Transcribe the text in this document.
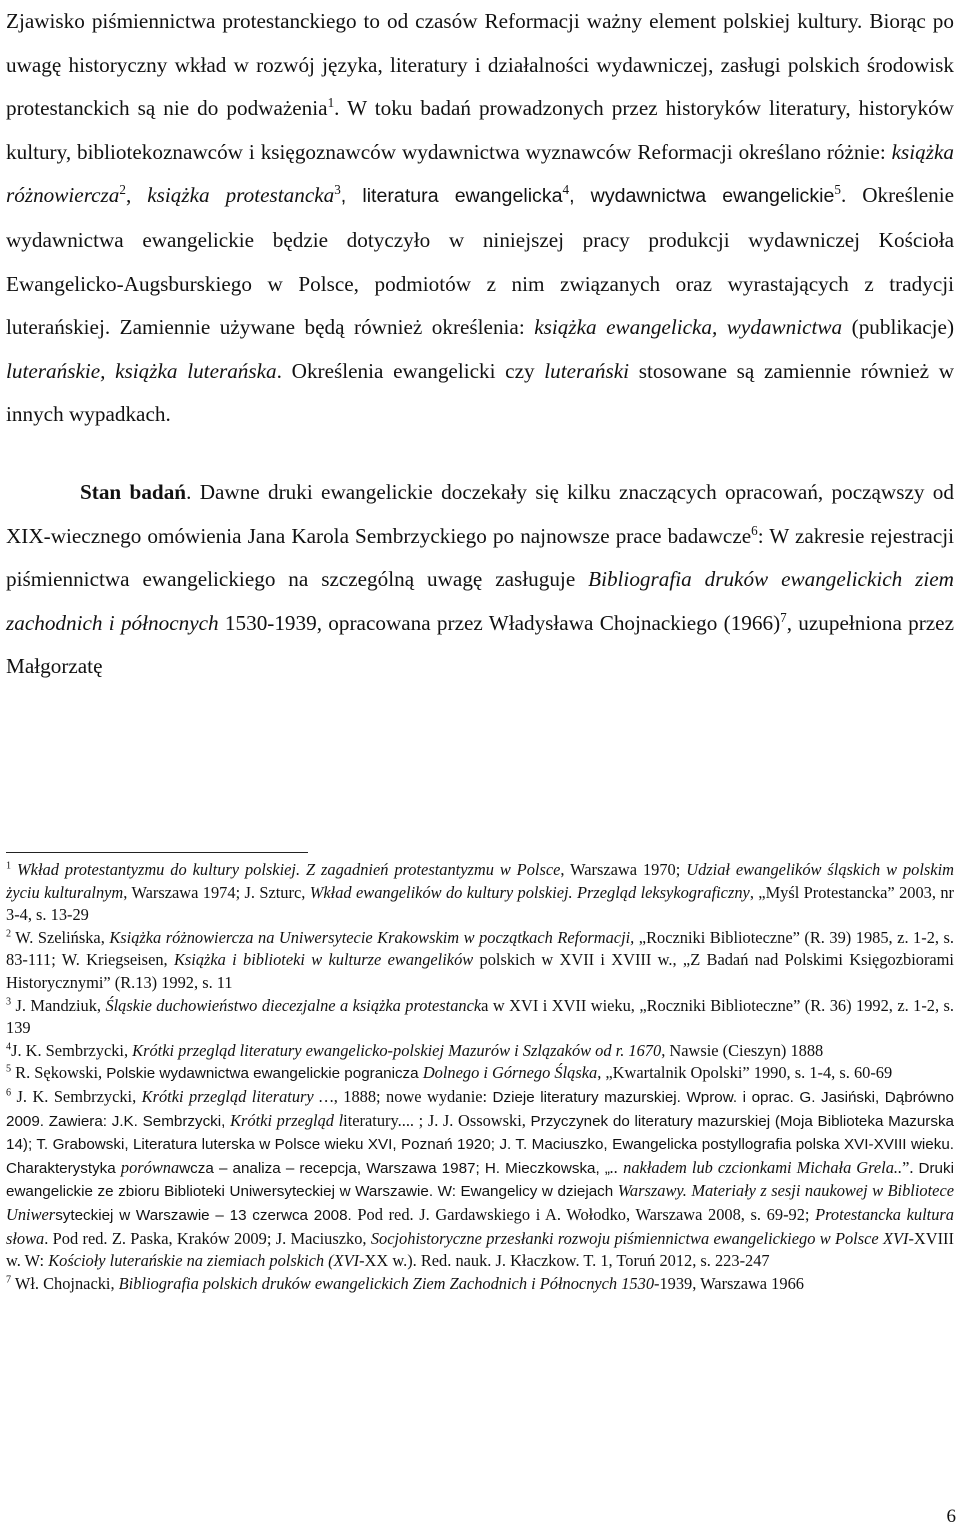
Zjawisko piśmiennictwa protestanckiego to od czasów Reformacji ważny element polskiej kultury. Biorąc po uwagę historyczny wkład w rozwój języka, literatury i działalności wydawniczej, zasługi polskich środowisk protestanckich są nie do podważenia$^1$. W toku badań prowadzonych przez historyków literatury, historyków kultury, bibliotekoznawców i księgoznawców wydawnictwa wyznawców Reformacji określano różnie: książka różnowiercza$^2$, książka protestancka$^3$, literatura ewangelicka$^4$, wydawnictwa ewangelickie$^5$. Określenie wydawnictwa ewangelickie będzie dotyczyło w niniejszej pracy produkcji wydawniczej Kościoła Ewangelicko-Augsburskiego w Polsce, podmiotów z nim związanych oraz wyrastających z tradycji luterańskiej. Zamiennie używane będą również określenia: książka ewangelicka, wydawnictwa (publikacje) luterańskie, książka luterańska. Określenia ewangelicki czy luterański stosowane są zamiennie również w innych wypadkach.

Stan badań. Dawne druki ewangelickie doczekały się kilku znaczących opracowań, począwszy od XIX-wiecznego omówienia Jana Karola Sembrzyckiego po najnowsze prace badawcze$^6$: W zakresie rejestracji piśmiennictwa ewangelickiego na szczególną uwagę zasługuje Bibliografia druków ewangelickich ziem zachodnich i północnych 1530-1939, opracowana przez Władysława Chojnackiego $(1966)^7$, uzupełniona przez Małgorzatę

$^1$ Wkład protestantyzmu do kultury polskiej. Z zagadnień protestantyzmu w Polsce, Warszawa 1970; Udział ewangelików śląskich w polskim życiu kulturalnym, Warszawa 1974; J. Szturc, Wkład ewangelików do kultury polskiej. Przegląd leksykograficzny, „Myśl Protestancka” 2003, nr 3-4, s. 13-29

$^2$ W. Szelińska, Książka różnowiercza na Uniwersytecie Krakowskim w początkach Reformacji, „Roczniki Biblioteczne” (R. 39) 1985, z. 1-2, s. 83-111; W. Kriegseisen, Książka i biblioteki w kulturze ewangelików polskich w XVII i XVIII w., „Z Badań nad Polskimi Księgozbiorami Historycznymi” (R.13) 1992, s. 11

$^3$ J. Mandziuk, Śląskie duchowieństwo diecezjalne a książka protestancka w XVI i XVII wieku, „Roczniki Biblioteczne” (R. 36) 1992, z. 1-2, s. 139

$^4$J. K. Sembrzycki, Krótki przegląd literatury ewangelicko-polskiej Mazurów i Szlązaków od r. 1670, Nawsie (Cieszyn) 1888

$^5$ R. Sękowski, Polskie wydawnictwa ewangelickie pogranicza Dolnego i Górnego Śląska, „Kwartalnik Opolski” 1990, s. 1-4, s. 60-69

$^6$ J. K. Sembrzycki, Krótki przegląd literatury …, 1888; nowe wydanie: Dzieje literatury mazurskiej. Wprow. i oprac. G. Jasiński, Dąbrówno 2009. Zawiera: J.K. Sembrzycki, Krótki przegląd literatury.... ; J. J. Ossowski, Przyczynek do literatury mazurskiej (Moja Biblioteka Mazurska 14); T. Grabowski, Literatura luterska w Polsce wieku XVI, Poznań 1920; J. T. Maciuszko, Ewangelicka postyllografia polska XVI-XVIII wieku. Charakterystyka porównawcza – analiza – recepcja, Warszawa 1987; H. Mieczkowska, „.. nakładem lub czcionkami Michała Grela..”. Druki ewangelickie ze zbioru Biblioteki Uniwersyteckiej w Warszawie. W: Ewangelicy w dziejach Warszawy. Materiały z sesji naukowej w Bibliotece Uniwersyteckiej w Warszawie – 13 czerwca 2008. Pod red. J. Gardawskiego i A. Wołodko, Warszawa 2008, s. 69-92; Protestancka kultura słowa. Pod red. Z. Paska, Kraków 2009; J. Maciuszko, Socjohistoryczne przesłanki rozwoju piśmiennictwa ewangelickiego w Polsce XVI-XVIII w. W: Kościoły luterańskie na ziemiach polskich (XVI-XX w.). Red. nauk. J. Kłaczkow. T. 1, Toruń 2012, s. 223-247

$^7$ Wł. Chojnacki, Bibliografia polskich druków ewangelickich Ziem Zachodnich i Północnych 1530-1939, Warszawa 1966

6
